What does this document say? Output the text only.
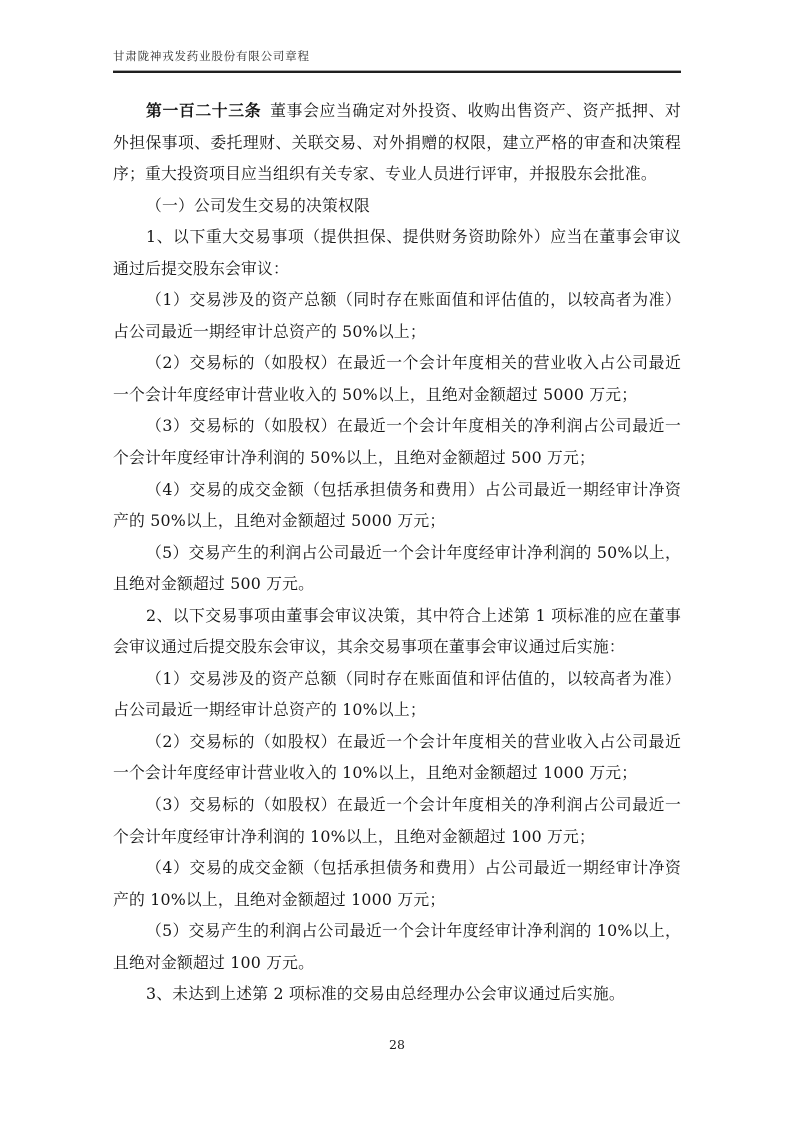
甘肃陇神戎发药业股份有限公司章程

第一百二十三条 董事会应当确定对外投资、收购出售资产、资产抵押、对外担保事项、委托理财、关联交易、对外捐赠的权限，建立严格的审查和决策程序；重大投资项目应当组织有关专家、专业人员进行评审，并报股东会批准。

（一）公司发生交易的决策权限

1、以下重大交易事项（提供担保、提供财务资助除外）应当在董事会审议通过后提交股东会审议：

（1）交易涉及的资产总额（同时存在账面值和评估值的，以较高者为准）占公司最近一期经审计总资产的 50%以上；

（2）交易标的（如股权）在最近一个会计年度相关的营业收入占公司最近一个会计年度经审计营业收入的 50%以上，且绝对金额超过 5000 万元；

（3）交易标的（如股权）在最近一个会计年度相关的净利润占公司最近一个会计年度经审计净利润的 50%以上，且绝对金额超过 500 万元；

（4）交易的成交金额（包括承担债务和费用）占公司最近一期经审计净资产的 50%以上，且绝对金额超过 5000 万元；

（5）交易产生的利润占公司最近一个会计年度经审计净利润的 50%以上，且绝对金额超过 500 万元。

2、以下交易事项由董事会审议决策，其中符合上述第 1 项标准的应在董事会审议通过后提交股东会审议，其余交易事项在董事会审议通过后实施：

（1）交易涉及的资产总额（同时存在账面值和评估值的，以较高者为准）占公司最近一期经审计总资产的 10%以上；

（2）交易标的（如股权）在最近一个会计年度相关的营业收入占公司最近一个会计年度经审计营业收入的 10%以上，且绝对金额超过 1000 万元；

（3）交易标的（如股权）在最近一个会计年度相关的净利润占公司最近一个会计年度经审计净利润的 10%以上，且绝对金额超过 100 万元；

（4）交易的成交金额（包括承担债务和费用）占公司最近一期经审计净资产的 10%以上，且绝对金额超过 1000 万元；

（5）交易产生的利润占公司最近一个会计年度经审计净利润的 10%以上，且绝对金额超过 100 万元。

3、未达到上述第 2 项标准的交易由总经理办公会审议通过后实施。

28
